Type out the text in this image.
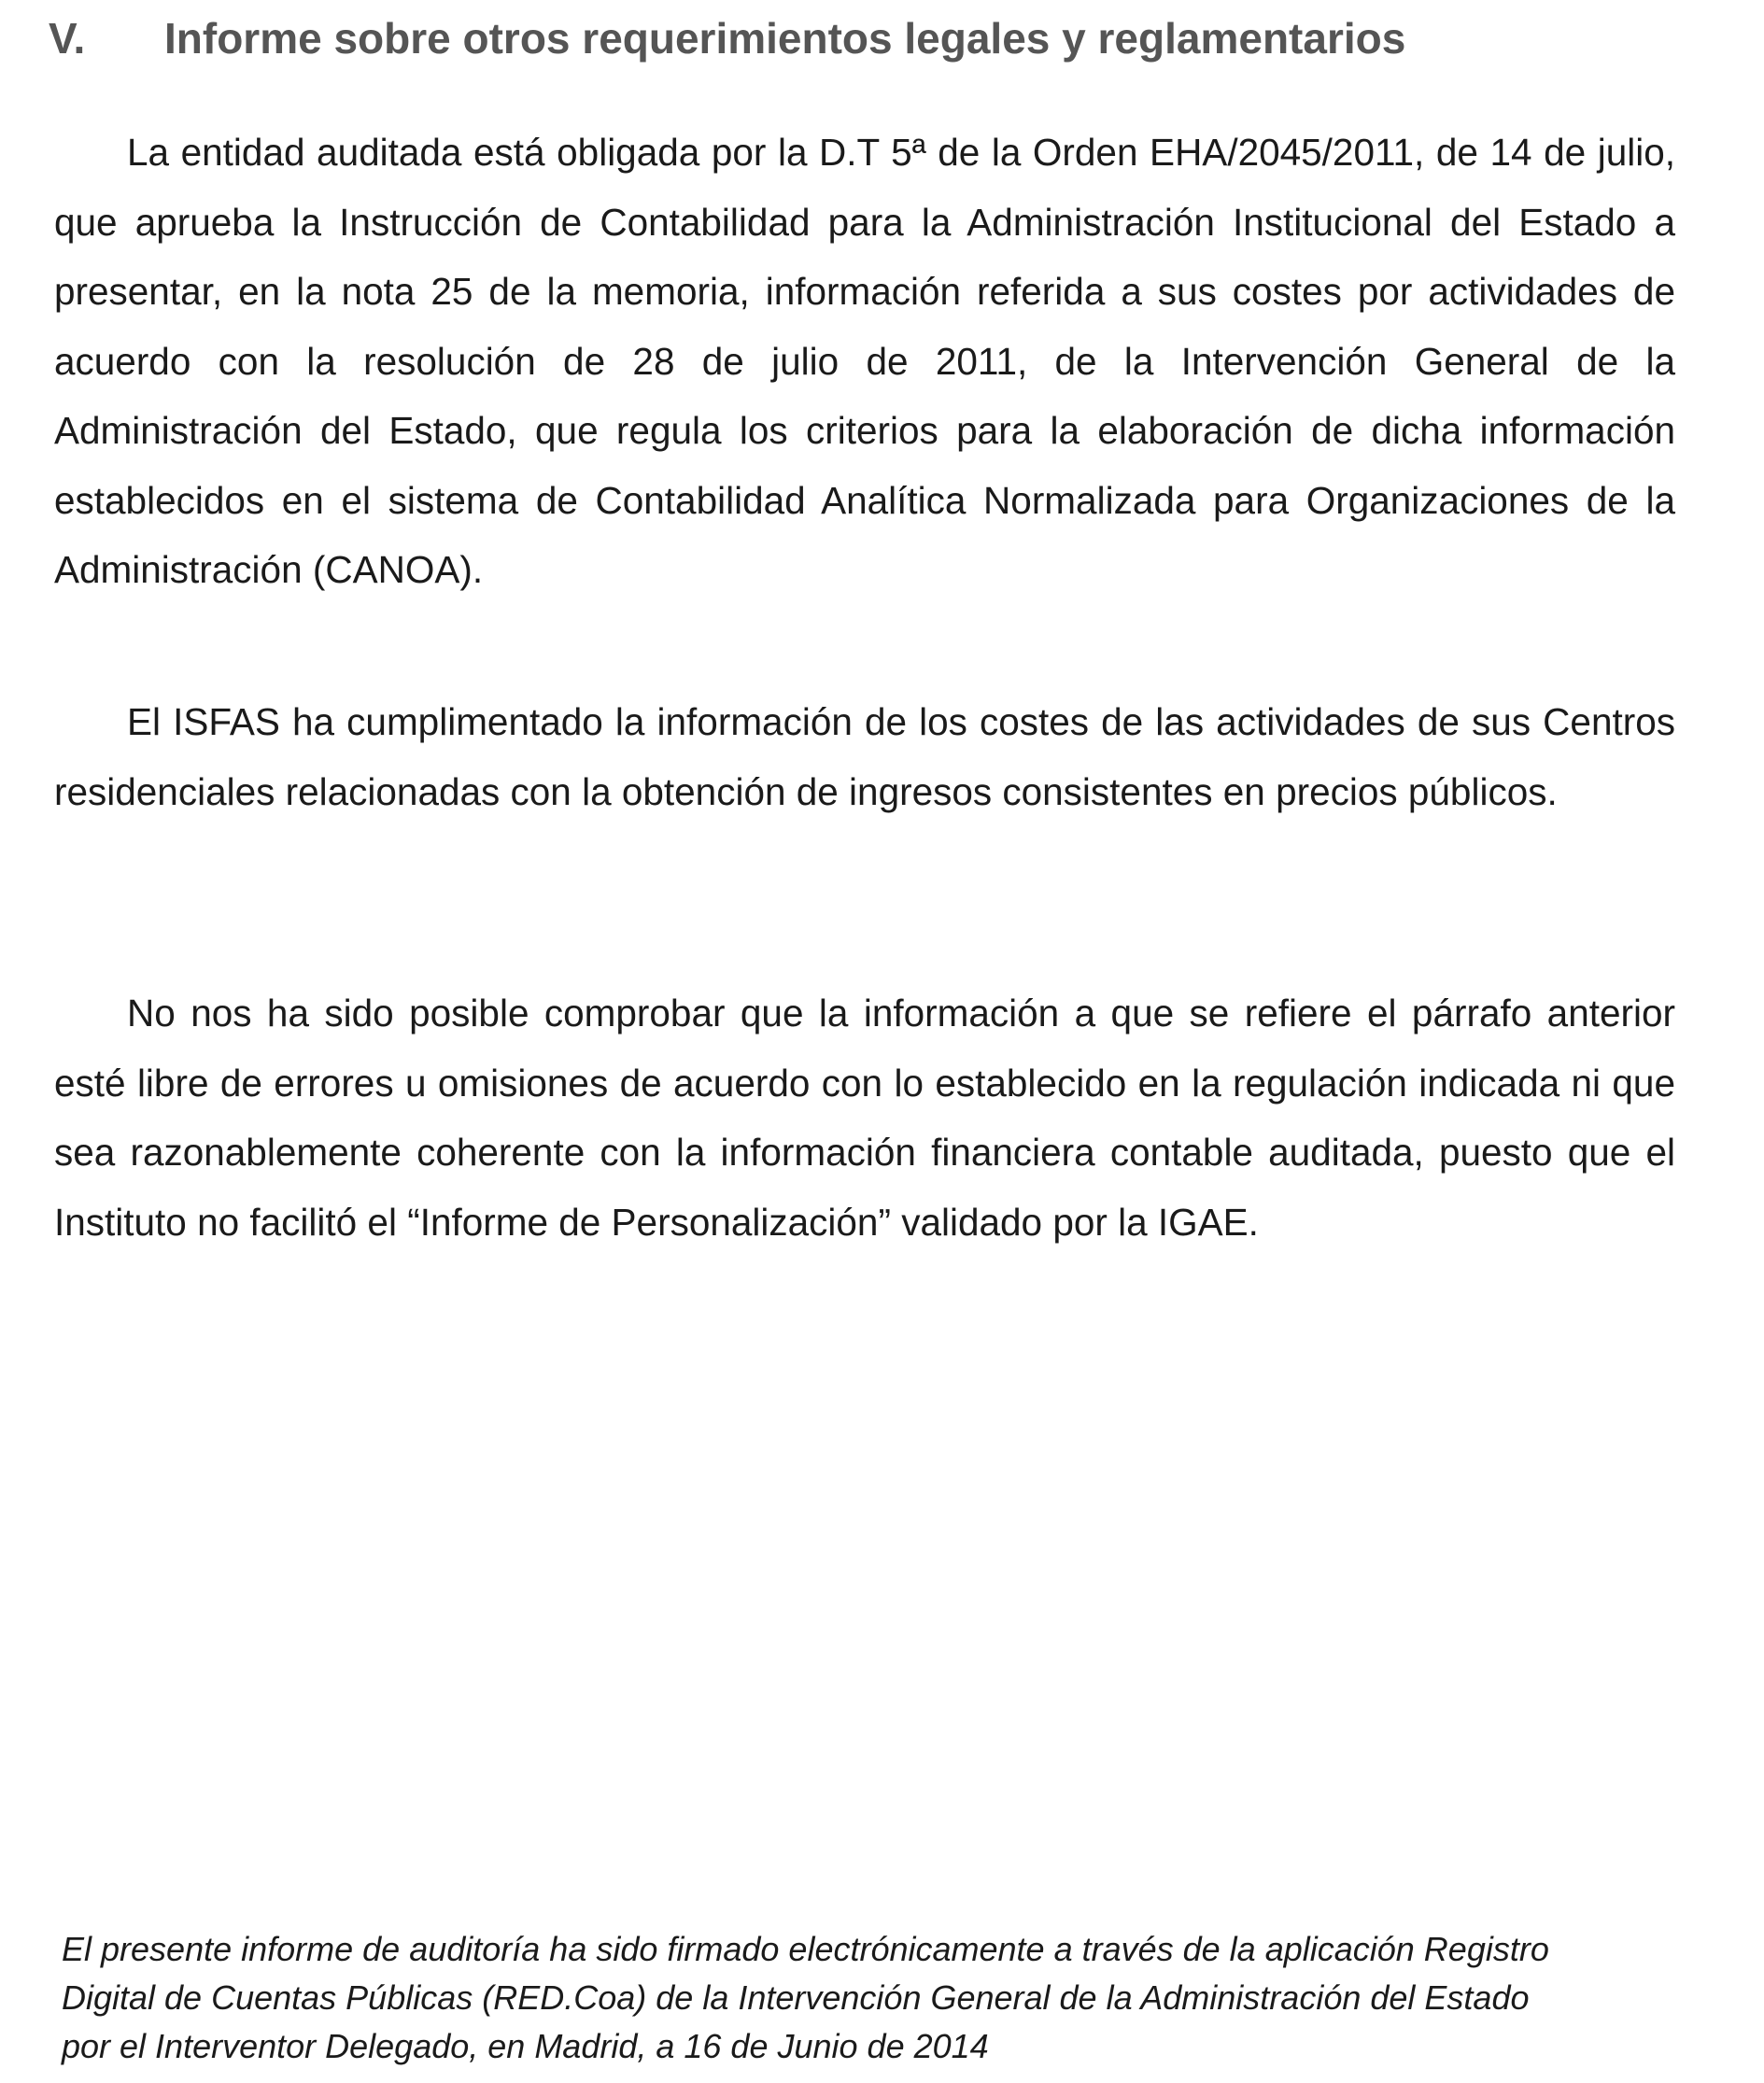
V. Informe sobre otros requerimientos legales y reglamentarios

La entidad auditada está obligada por la D.T 5ª de la Orden EHA/2045/2011, de 14 de julio, que aprueba la Instrucción de Contabilidad para la Administración Institucional del Estado a presentar, en la nota 25 de la memoria, información referida a sus costes por actividades de acuerdo con la resolución de 28 de julio de 2011, de la Intervención General de la Administración del Estado, que regula los criterios para la elaboración de dicha información establecidos en el sistema de Contabilidad Analítica Normalizada para Organizaciones de la Administración (CANOA).

El ISFAS ha cumplimentado la información de los costes de las actividades de sus Centros residenciales relacionadas con la obtención de ingresos consistentes en precios públicos.

No nos ha sido posible comprobar que la información a que se refiere el párrafo anterior esté libre de errores u omisiones de acuerdo con lo establecido en la regulación indicada ni que sea razonablemente coherente con la información financiera contable auditada, puesto que el Instituto no facilitó el “Informe de Personalización” validado por la IGAE.

El presente informe de auditoría ha sido firmado electrónicamente a través de la aplicación Registro
Digital de Cuentas Públicas (RED.Coa) de la Intervención General de la Administración del Estado
por el Interventor Delegado, en Madrid, a 16 de Junio de 2014
